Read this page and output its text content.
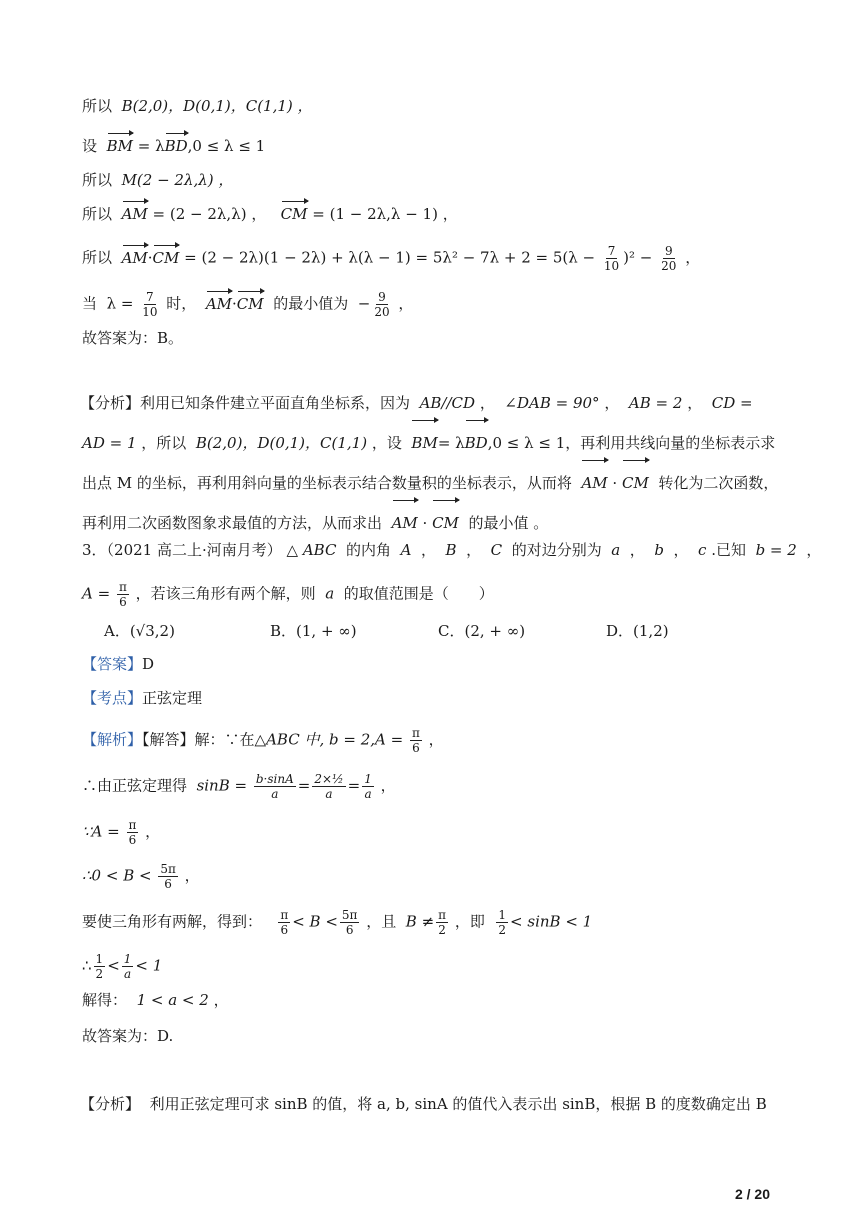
所以 B(2,0)，D(0,1)，C(1,1) ，
设 BM = λBD,0 ≤ λ ≤ 1
所以 M(2 − 2λ,λ) ，
所以 AM = (2 − 2λ,λ) ， CM = (1 − 2λ,λ − 1) ，
所以 $AM\cdot CM = (2 - 2\lambda)(1 - 2\lambda) + \lambda(\lambda - 1) = 5\lambda^2 - 7\lambda + 2 = 5(\lambda - \frac{7}{10} )^2 - \frac{9}{20}$ ，
当 $\lambda = \frac{7}{10}$ 时， AM·CM 的最小值为 − $\frac{9}{20}$ ，
故答案为：B。
【分析】利用已知条件建立平面直角坐标系，因为 AB//CD ， ∠DAB = 90° ， AB = 2 ， CD =
AD = 1 ，所以 B(2,0)，D(0,1)，C(1,1) ，设 BM= λBD,0 ≤ λ ≤ 1，再利用共线向量的坐标表示求
出点 M 的坐标，再利用斜向量的坐标表示结合数量积的坐标表示，从而将 AM · CM 转化为二次函数，
再利用二次函数图象求最值的方法，从而求出 AM · CM 的最小值 。
3．（2021 高二上·河南月考） △ ABC 的内角 A ， B ， C 的对边分别为 a ， b ， c .已知 b = 2 ，
$A = \frac{\pi}{6}$ ，若该三角形有两个解，则 a 的取值范围是（　　）
A．(√3,2)	B．(1, + ∞)	C．(2, + ∞)	D．(1,2)
【答案】D
【考点】正弦定理
【解析】【解答】解：∵在△ABC 中, $b = 2,A = \frac{\pi}{6}$ ，
∴由正弦定理得 $\sin B = \frac{b\cdot\sin A}{a} = \frac{\text{2×½}}{a} = \frac{1}{a}$ ，
∵A = $\frac{\pi}{6}$ ，
∴0 < $B < \frac{5\pi}{6}$ ，
要使三角形有两解，得到： $\frac{\pi}{6} < B < \frac{5\pi}{6}$ ，且 $B \ne \frac{\pi}{2}$ ，即 $\frac{1}{2} < \sin B < 1$
∴ $\frac{1}{2} < \frac{1}{a} < 1$
解得： 1 < a < 2 ，
故答案为：D.
【分析】 利用正弦定理可求 sinB 的值，将 a, b, sinA 的值代入表示出 sinB，根据 B 的度数确定出 B
2 / 20
